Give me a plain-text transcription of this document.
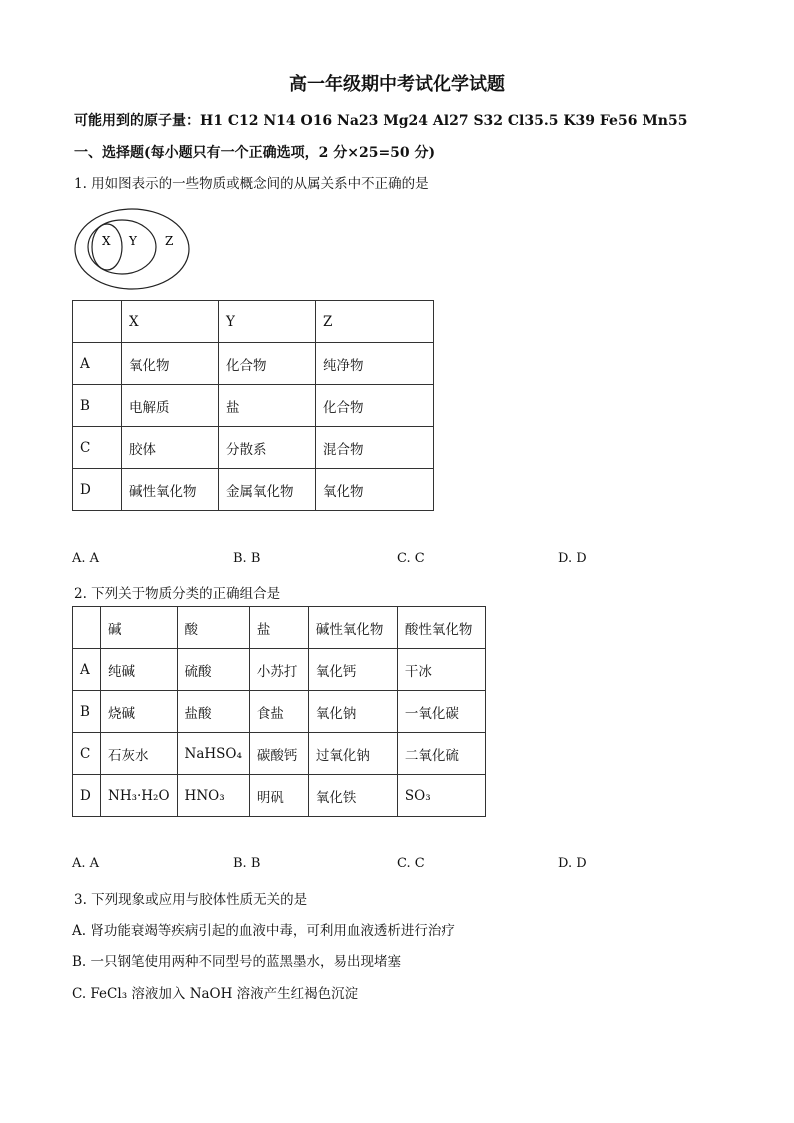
高一年级期中考试化学试题
可能用到的原子量：H1 C12 N14 O16 Na23 Mg24 Al27 S32 Cl35.5 K39 Fe56 Mn55
一、选择题(每小题只有一个正确选项，2 分×25=50 分)
1. 用如图表示的一些物质或概念间的从属关系中不正确的是
X Y Z
	X	Y	Z
A	氧化物	化合物	纯净物
B	电解质	盐	化合物
C	胶体	分散系	混合物
D	碱性氧化物	金属氧化物	氧化物
A. A	B. B	C. C	D. D
2. 下列关于物质分类的正确组合是
	碱	酸	盐	碱性氧化物	酸性氧化物
A	纯碱	硫酸	小苏打	氧化钙	干冰
B	烧碱	盐酸	食盐	氧化钠	一氧化碳
C	石灰水	NaHSO₄	碳酸钙	过氧化钠	二氧化硫
D	NH₃·H₂O	HNO₃	明矾	氧化铁	SO₃
A. A	B. B	C. C	D. D
3. 下列现象或应用与胶体性质无关的是
A. 肾功能衰竭等疾病引起的血液中毒，可利用血液透析进行治疗
B. 一只钢笔使用两种不同型号的蓝黑墨水，易出现堵塞
C. FeCl₃ 溶液加入 NaOH 溶液产生红褐色沉淀
